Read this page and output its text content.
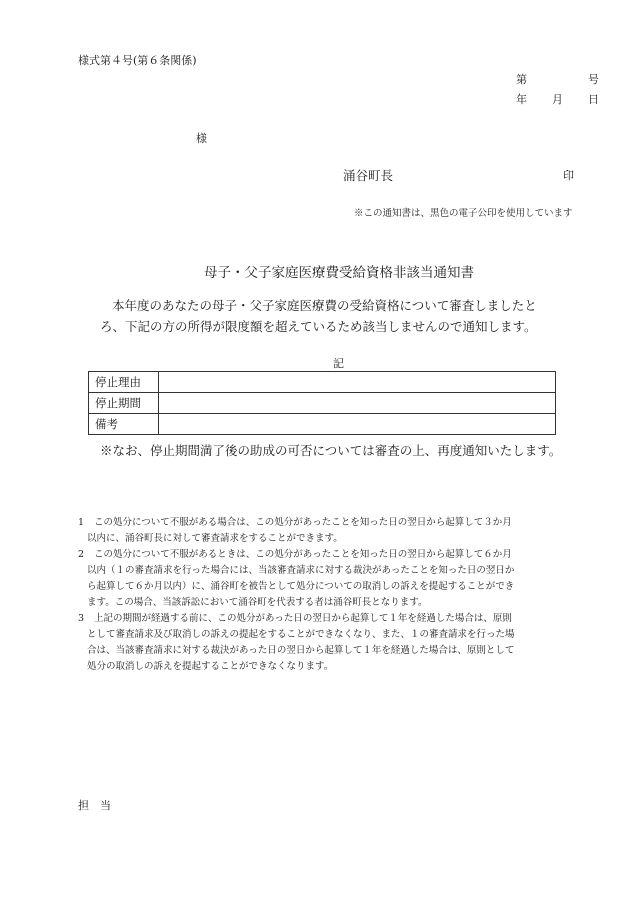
様式第４号(第６条関係)
第	号
年 月 日
様
涌谷町長	印
※この通知書は、黒色の電子公印を使用しています
母子・父子家庭医療費受給資格非該当通知書
本年度のあなたの母子・父子家庭医療費の受給資格について審査しましたと
ろ、下記の方の所得が限度額を超えているため該当しませんので通知します。
記
停止理由	
停止期間	
備考	
※なお、停止期間満了後の助成の可否については審査の上、再度通知いたします。
1 この処分について不服がある場合は、この処分があったことを知った日の翌日から起算して３か月
以内に、涌谷町長に対して審査請求をすることができます。
2 この処分について不服があるときは、この処分があったことを知った日の翌日から起算して６か月
以内（１の審査請求を行った場合には、当該審査請求に対する裁決があったことを知った日の翌日か
ら起算して６か月以内）に、涌谷町を被告として処分についての取消しの訴えを提起することができ
ます。この場合、当該訴訟において涌谷町を代表する者は涌谷町長となります。
3 上記の期間が経過する前に、この処分があった日の翌日から起算して１年を経過した場合は、原則
として審査請求及び取消しの訴えの提起をすることができなくなり、また、１の審査請求を行った場
合は、当該審査請求に対する裁決があった日の翌日から起算して１年を経過した場合は、原則として
処分の取消しの訴えを提起することができなくなります。
担　当
